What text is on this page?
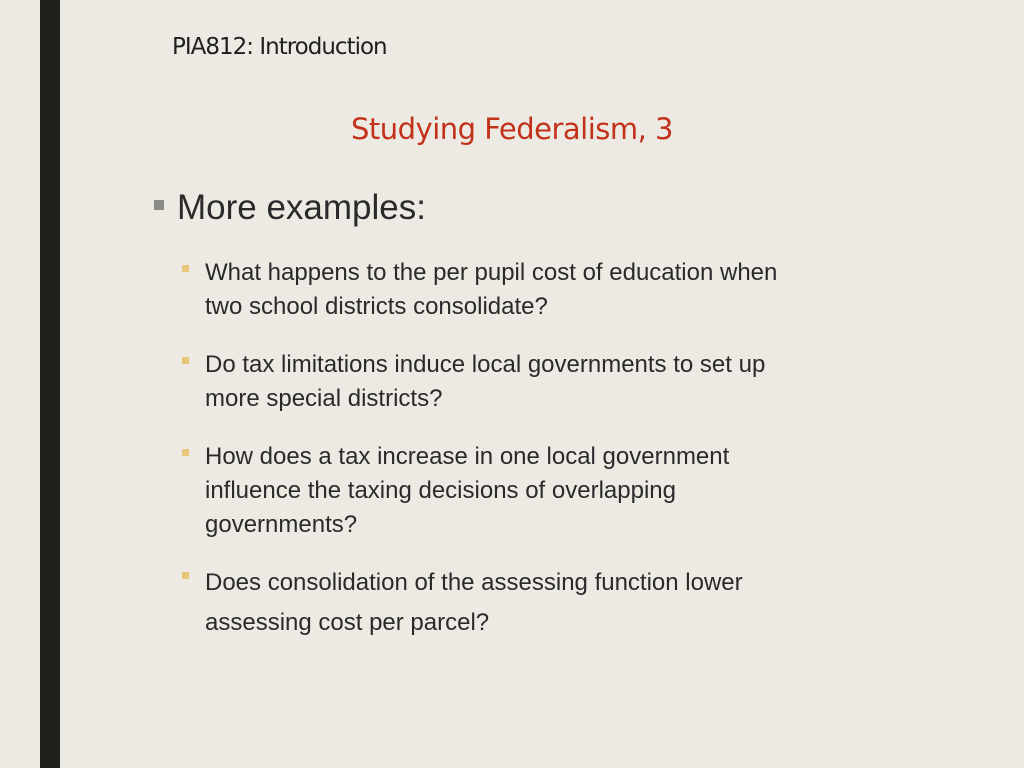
PIA812: Introduction
Studying Federalism, 3
More examples:
What happens to the per pupil cost of education when
two school districts consolidate?
Do tax limitations induce local governments to set up
more special districts?
How does a tax increase in one local government
influence the taxing decisions of overlapping
governments?
Does consolidation of the assessing function lower
assessing cost per parcel?
